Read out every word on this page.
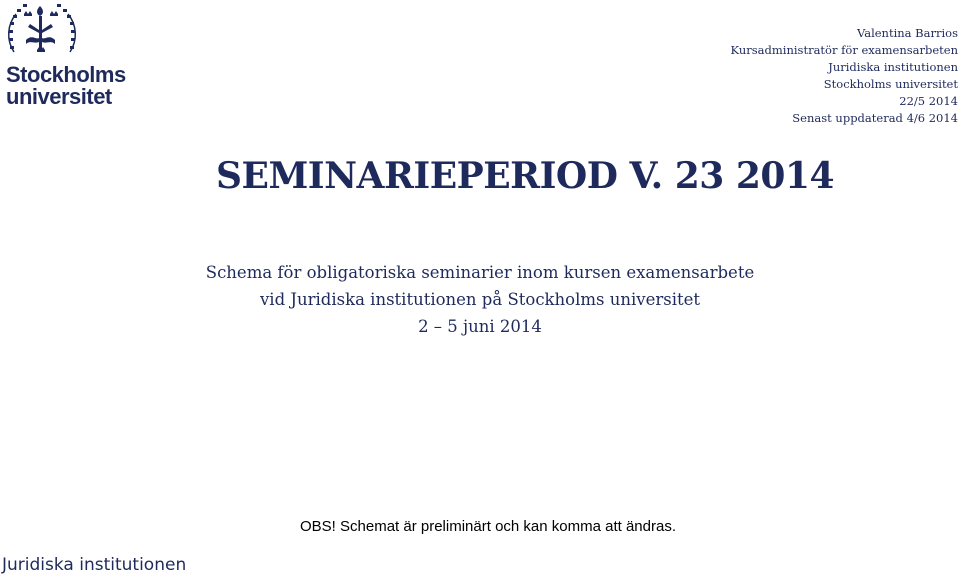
Stockholms
universitet
Valentina Barrios
Kursadministratör för examensarbeten
Juridiska institutionen
Stockholms universitet
22/5 2014
Senast uppdaterad 4/6 2014
SEMINARIEPERIOD V. 23 2014
Schema för obligatoriska seminarier inom kursen examensarbete
vid Juridiska institutionen på Stockholms universitet
2 – 5 juni 2014
OBS! Schemat är preliminärt och kan komma att ändras.
Juridiska institutionen
